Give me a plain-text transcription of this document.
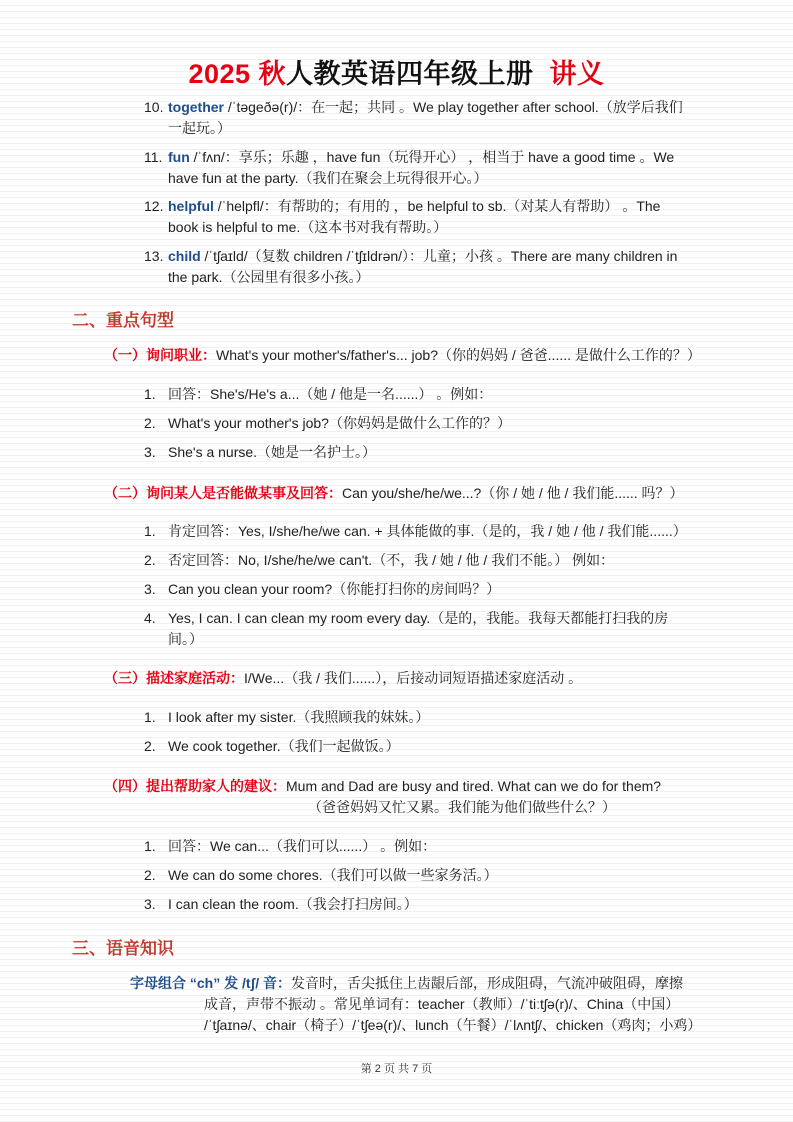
2025 秋人教英语四年级上册 讲义
10. together /ˈtəgeðə(r)/：在一起；共同 。We play together after school.（放学后我们
一起玩。）
11. fun /ˈfʌn/：享乐；乐趣 ，have fun（玩得开心） ，相当于 have a good time 。We
have fun at the party.（我们在聚会上玩得很开心。）
12. helpful /ˈhelpfl/：有帮助的；有用的 ，be helpful to sb.（对某人有帮助） 。The
book is helpful to me.（这本书对我有帮助。）
13. child /ˈtʃaɪld/（复数 children /ˈtʃɪldrən/）：儿童；小孩 。There are many children in
the park.（公园里有很多小孩。）
二、重点句型
（一）询问职业：What's your mother's/father's... job?（你的妈妈 / 爸爸...... 是做什么工作的？）
1. 回答：She's/He's a...（她 / 他是一名......） 。例如：
2. What's your mother's job?（你妈妈是做什么工作的？）
3. She's a nurse.（她是一名护士。）
（二）询问某人是否能做某事及回答：Can you/she/he/we...?（你 / 她 / 他 / 我们能...... 吗？）
1. 肯定回答：Yes, I/she/he/we can. + 具体能做的事.（是的，我 / 她 / 他 / 我们能......）
2. 否定回答：No, I/she/he/we can't.（不，我 / 她 / 他 / 我们不能。） 例如：
3. Can you clean your room?（你能打扫你的房间吗？）
4. Yes, I can. I can clean my room every day.（是的，我能。我每天都能打扫我的房
间。）
（三）描述家庭活动：I/We...（我 / 我们......），后接动词短语描述家庭活动 。
1. I look after my sister.（我照顾我的妹妹。）
2. We cook together.（我们一起做饭。）
（四）提出帮助家人的建议：Mum and Dad are busy and tired. What can we do for them?
（爸爸妈妈又忙又累。我们能为他们做些什么？）
1. 回答：We can...（我们可以......） 。例如：
2. We can do some chores.（我们可以做一些家务活。）
3. I can clean the room.（我会打扫房间。）
三、语音知识
字母组合 “ch” 发 /tʃ/ 音：发音时，舌尖抵住上齿龈后部，形成阻碍，气流冲破阻碍，摩擦
成音，声带不振动 。常见单词有：teacher（教师）/ˈtiːtʃə(r)/、China（中国）
/ˈtʃaɪnə/、chair（椅子）/ˈtʃeə(r)/、lunch（午餐）/ˈlʌntʃ/、chicken（鸡肉；小鸡）
第 2 页 共 7 页
